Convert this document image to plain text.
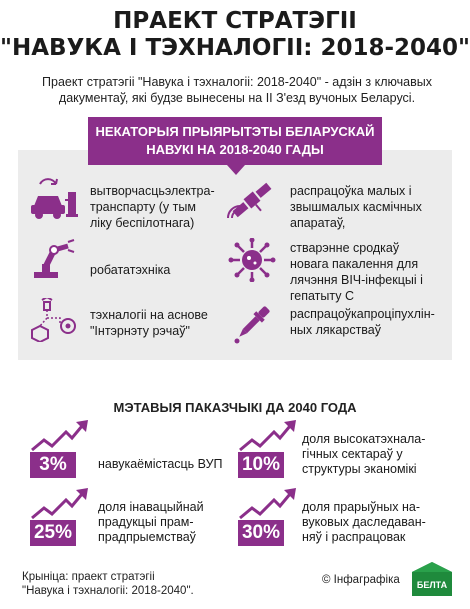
ПРАЕКТ СТРАТЭГІІ
"НАВУКА І ТЭХНАЛОГІІ: 2018-2040"
Праект стратэгіі "Навука і тэхналогіі: 2018-2040" - адзін з ключавых дакументаў, які будзе вынесены на ІІ З'езд вучоных Беларусі.
НЕКАТОРЫЯ ПРЫЯРЫТЭТЫ БЕЛАРУСКАЙ
НАВУКІ НА 2018-2040 ГАДЫ
вытворчасцьэлектра-
транспарту (у тым
ліку беспілотнага)
распрацоўка малых і
звышмалых касмічных
апаратаў,
робататэхніка
стварэнне сродкаў
новага пакалення для
лячэння ВІЧ-інфекцыі і
гепатыту С
тэхналогіі на аснове
"Інтэрнэту рэчаў"
распрацоўкапроціпухлін-
ных лякарстваў
МЭТАВЫЯ ПАКАЗЧЫКІ ДА 2040 ГОДА
3%	навукаёмістасць ВУП 10%
доля высокатэхнала-
гічных сектараў у
структуры эканомікі
25%
доля інавацыйнай
прадукцыі прам-
прадпрыемстваў	30%
доля прарыўных на-
вуковых даследаван-
няў і распрацовак
Крыніца: праект стратэгіі
"Навука і тэхналогіі: 2018-2040".
© Інфаграфіка БЕЛТА
